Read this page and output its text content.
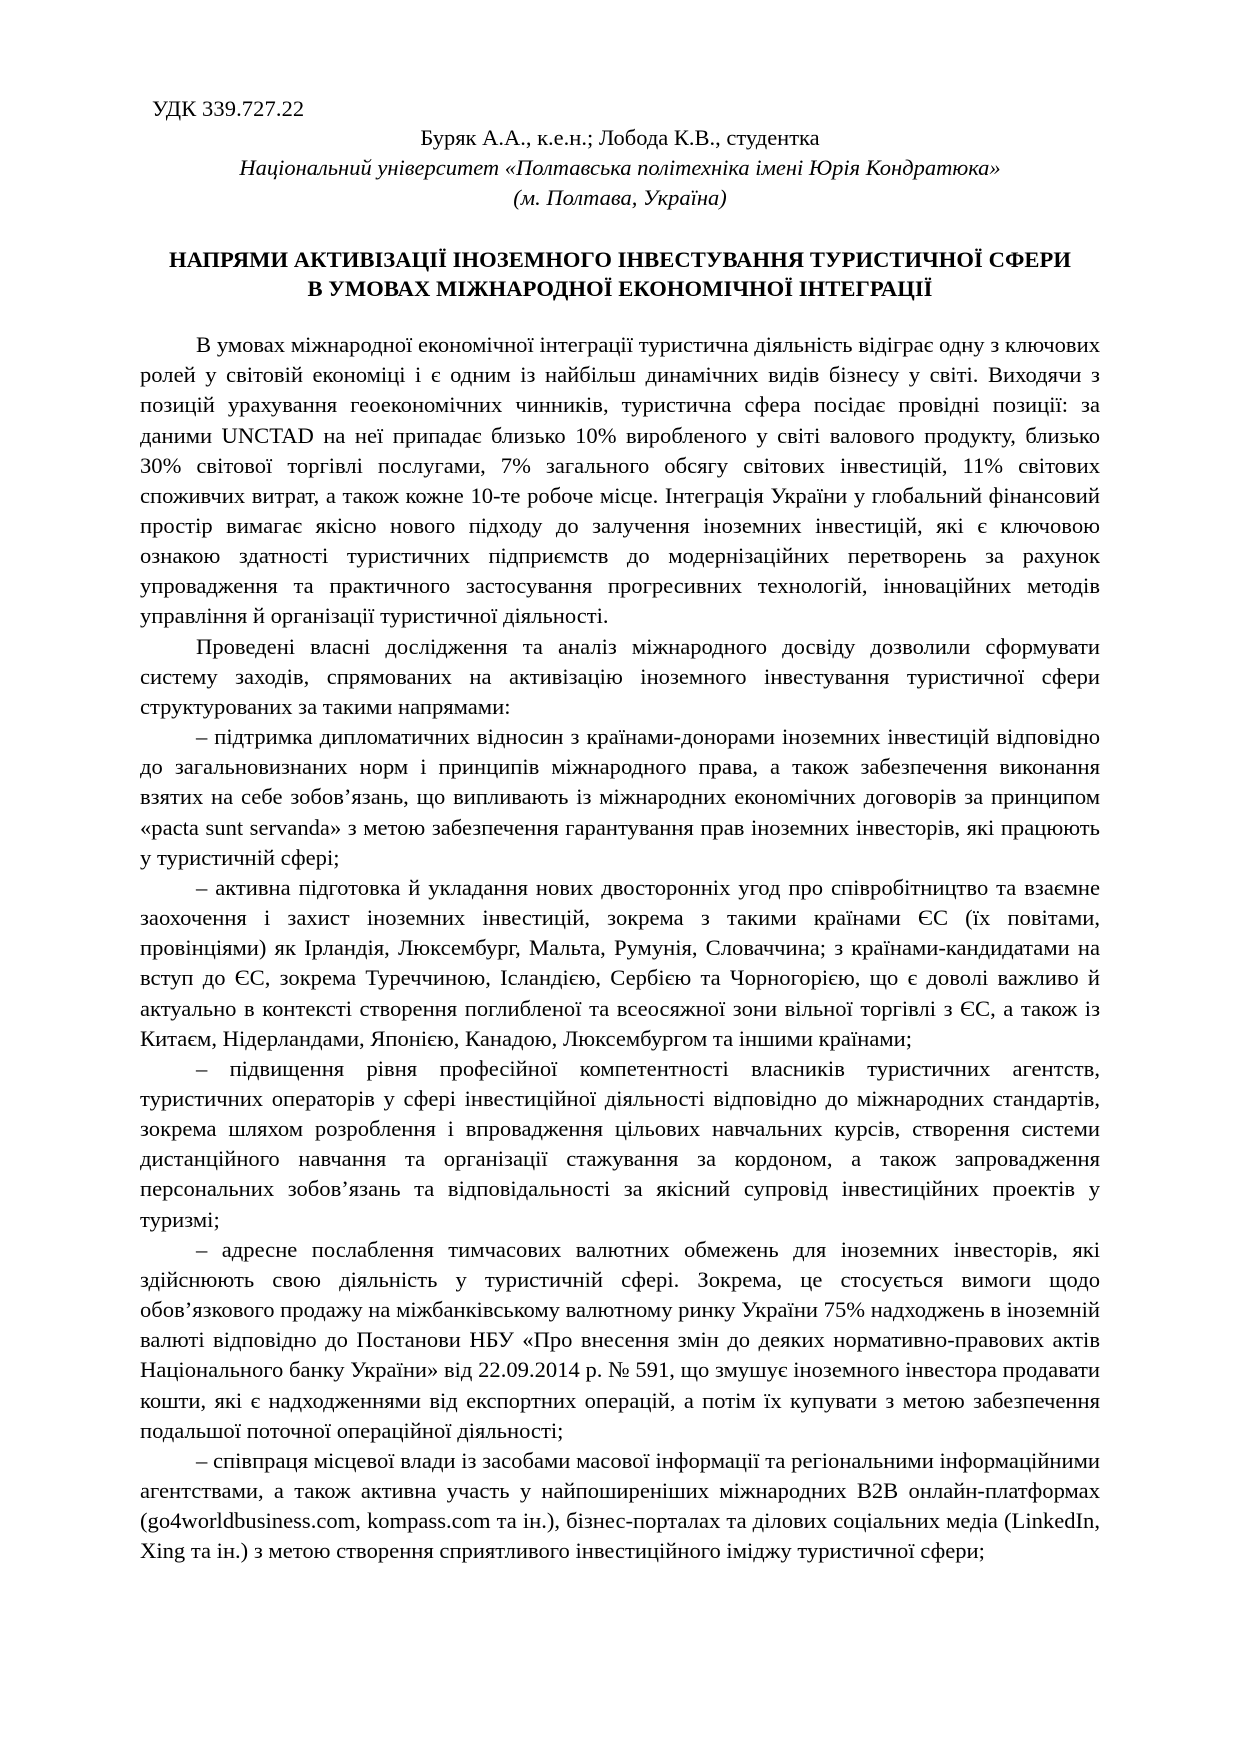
УДК 339.727.22
Буряк А.А., к.е.н.; Лобода К.В., студентка
Національний університет «Полтавська політехніка імені Юрія Кондратюка»
(м. Полтава, Україна)
НАПРЯМИ АКТИВІЗАЦІЇ ІНОЗЕМНОГО ІНВЕСТУВАННЯ ТУРИСТИЧНОЇ СФЕРИ В УМОВАХ МІЖНАРОДНОЇ ЕКОНОМІЧНОЇ ІНТЕГРАЦІЇ

В умовах міжнародної економічної інтеграції туристична діяльність відіграє одну з ключових ролей у світовій економіці і є одним із найбільш динамічних видів бізнесу у світі. Виходячи з позицій урахування геоекономічних чинників, туристична сфера посідає провідні позиції: за даними UNCTAD на неї припадає близько 10% виробленого у світі валового продукту, близько 30% світової торгівлі послугами, 7% загального обсягу світових інвестицій, 11% світових споживчих витрат, а також кожне 10-те робоче місце. Інтеграція України у глобальний фінансовий простір вимагає якісно нового підходу до залучення іноземних інвестицій, які є ключовою ознакою здатності туристичних підприємств до модернізаційних перетворень за рахунок упровадження та практичного застосування прогресивних технологій, інноваційних методів управління й організації туристичної діяльності.

Проведені власні дослідження та аналіз міжнародного досвіду дозволили сформувати систему заходів, спрямованих на активізацію іноземного інвестування туристичної сфери структурованих за такими напрямами:

– підтримка дипломатичних відносин з країнами-донорами іноземних інвестицій відповідно до загальновизнаних норм і принципів міжнародного права, а також забезпечення виконання взятих на себе зобов’язань, що випливають із міжнародних економічних договорів за принципом «pacta sunt servanda» з метою забезпечення гарантування прав іноземних інвесторів, які працюють у туристичній сфері;

– активна підготовка й укладання нових двосторонніх угод про співробітництво та взаємне заохочення і захист іноземних інвестицій, зокрема з такими країнами ЄС (їх повітами, провінціями) як Ірландія, Люксембург, Мальта, Румунія, Словаччина; з країнами-кандидатами на вступ до ЄС, зокрема Туреччиною, Ісландією, Сербією та Чорногорією, що є доволі важливо й актуально в контексті створення поглибленої та всеосяжної зони вільної торгівлі з ЄС, а також із Китаєм, Нідерландами, Японією, Канадою, Люксембургом та іншими країнами;

– підвищення рівня професійної компетентності власників туристичних агентств, туристичних операторів у сфері інвестиційної діяльності відповідно до міжнародних стандартів, зокрема шляхом розроблення і впровадження цільових навчальних курсів, створення системи дистанційного навчання та організації стажування за кордоном, а також запровадження персональних зобов’язань та відповідальності за якісний супровід інвестиційних проектів у туризмі;

– адресне послаблення тимчасових валютних обмежень для іноземних інвесторів, які здійснюють свою діяльність у туристичній сфері. Зокрема, це стосується вимоги щодо обов’язкового продажу на міжбанківському валютному ринку України 75% надходжень в іноземній валюті відповідно до Постанови НБУ «Про внесення змін до деяких нормативно-правових актів Національного банку України» від 22.09.2014 р. № 591, що змушує іноземного інвестора продавати кошти, які є надходженнями від експортних операцій, а потім їх купувати з метою забезпечення подальшої поточної операційної діяльності;

– співпраця місцевої влади із засобами масової інформації та регіональними інформаційними агентствами, а також активна участь у найпоширеніших міжнародних B2B онлайн-платформах (go4worldbusiness.com, kompass.com та ін.), бізнес-порталах та ділових соціальних медіа (LinkedIn, Xing та ін.) з метою створення сприятливого інвестиційного іміджу туристичної сфери;
